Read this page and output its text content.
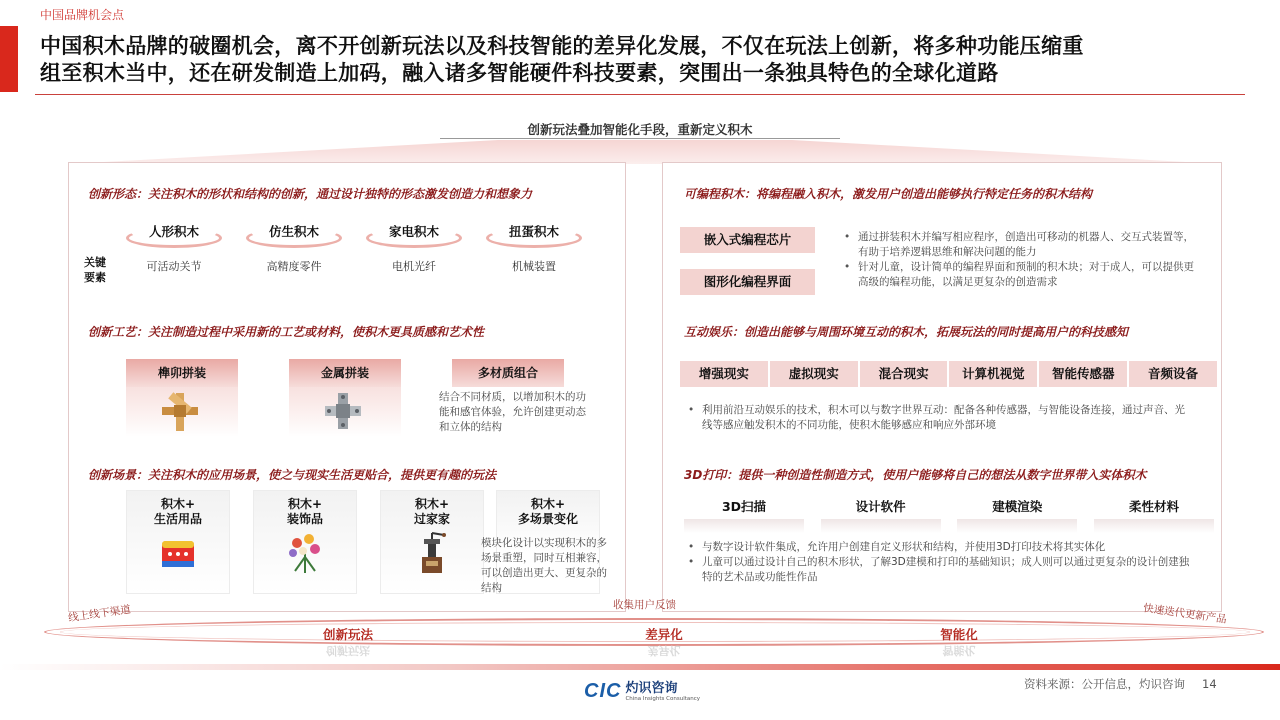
中国品牌机会点
中国积木品牌的破圈机会，离不开创新玩法以及科技智能的差异化发展，不仅在玩法上创新，将多种功能压缩重
组至积木当中，还在研发制造上加码，融入诸多智能硬件科技要素，突围出一条独具特色的全球化道路
创新玩法叠加智能化手段，重新定义积木
创新形态：关注积木的形状和结构的创新，通过设计独特的形态激发创造力和想象力
关键
要素
人形积木
可活动关节
仿生积木
高精度零件
家电积木
电机光纤
扭蛋积木
机械装置
创新工艺：关注制造过程中采用新的工艺或材料，使积木更具质感和艺术性
榫卯拼装	金属拼装	多材质组合
结合不同材质，以增加积木的功能和感官体验，允许创建更动态和立体的结构
创新场景：关注积木的应用场景，使之与现实生活更贴合，提供更有趣的玩法
积木+
生活用品
积木+
装饰品
积木+
过家家
积木+
多场景变化
模块化设计以实现积木的多场景重塑，同时互相兼容，可以创造出更大、更复杂的结构
可编程积木：将编程融入积木，激发用户创造出能够执行特定任务的积木结构
嵌入式编程芯片
图形化编程界面
• 通过拼装积木并编写相应程序，创造出可移动的机器人、交互式装置等，有助于培养逻辑思维和解决问题的能力
• 针对儿童，设计简单的编程界面和预制的积木块；对于成人，可以提供更高级的编程功能，以满足更复杂的创造需求
互动娱乐：创造出能够与周围环境互动的积木，拓展玩法的同时提高用户的科技感知
增强现实	虚拟现实	混合现实	计算机视觉	智能传感器	音频设备
• 利用前沿互动娱乐的技术，积木可以与数字世界互动：配备各种传感器，与智能设备连接，通过声音、光线等感应触发积木的不同功能，使积木能够感应和响应外部环境
3D打印：提供一种创造性制造方式，使用户能够将自己的想法从数字世界带入实体积木
3D扫描	设计软件	建模渲染	柔性材料
• 与数字设计软件集成，允许用户创建自定义形状和结构，并使用3D打印技术将其实体化
• 儿童可以通过设计自己的积木形状，了解3D建模和打印的基础知识；成人则可以通过更复杂的设计创建独特的艺术品或功能性作品
收集用户反馈
线上线下渠道	快速迭代更新产品
创新玩法
创新玩法
差异化
差异化
智能化
智能化
CIC 灼识咨询
China Insights Consultancy
资料来源：公开信息，灼识咨询 14
